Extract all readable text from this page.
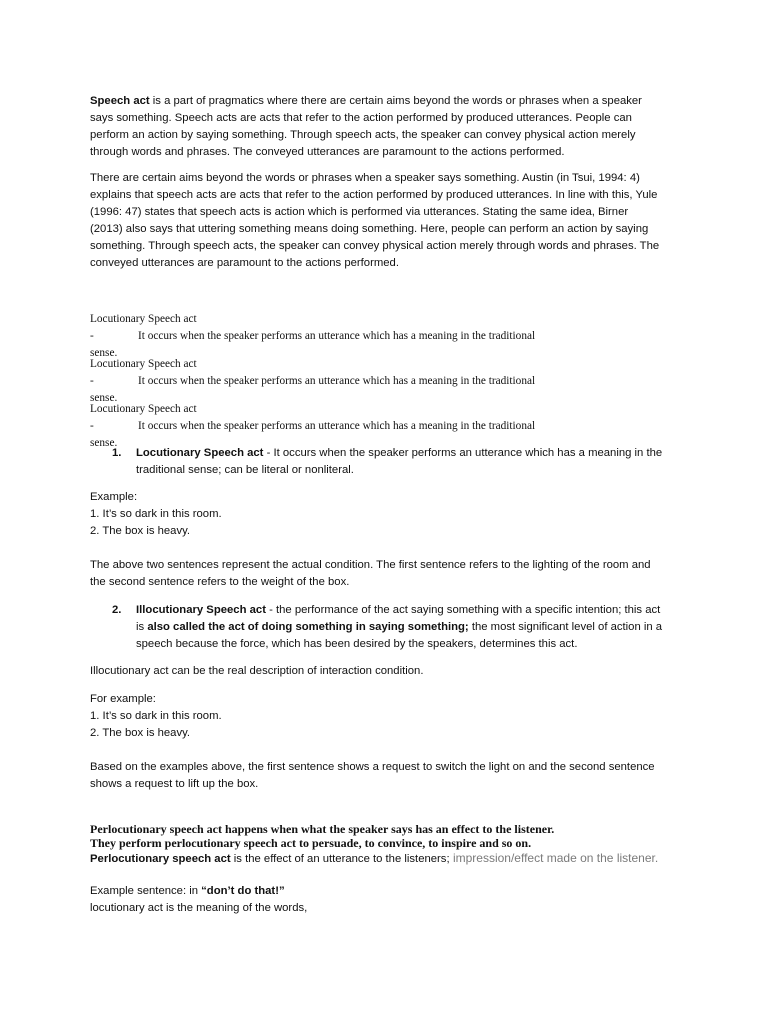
Speech act is a part of pragmatics where there are certain aims beyond the words or phrases when a speaker says something. Speech acts are acts that refer to the action performed by produced utterances. People can perform an action by saying something. Through speech acts, the speaker can convey physical action merely through words and phrases. The conveyed utterances are paramount to the actions performed.

There are certain aims beyond the words or phrases when a speaker says something. Austin (in Tsui, 1994: 4) explains that speech acts are acts that refer to the action performed by produced utterances. In line with this, Yule (1996: 47) states that speech acts is action which is performed via utterances. Stating the same idea, Birner (2013) also says that uttering something means doing something. Here, people can perform an action by saying something. Through speech acts, the speaker can convey physical action merely through words and phrases. The conveyed utterances are paramount to the actions performed.

Locutionary Speech act
-	It occurs when the speaker performs an utterance which has a meaning in the traditional
sense.
Locutionary Speech act
-	It occurs when the speaker performs an utterance which has a meaning in the traditional
sense.
Locutionary Speech act
-	It occurs when the speaker performs an utterance which has a meaning in the traditional
sense.
1.	Locutionary Speech act - It occurs when the speaker performs an utterance which has a meaning in the traditional sense; can be literal or nonliteral.

Example:
1. It’s so dark in this room.
2. The box is heavy.

The above two sentences represent the actual condition. The first sentence refers to the lighting of the room and the second sentence refers to the weight of the box.

2.	Illocutionary Speech act - the performance of the act saying something with a specific intention; this act is also called the act of doing something in saying something; the most significant level of action in a speech because the force, which has been desired by the speakers, determines this act.

Illocutionary act can be the real description of interaction condition.

For example:
1. It’s so dark in this room.
2. The box is heavy.

Based on the examples above, the first sentence shows a request to switch the light on and the second sentence shows a request to lift up the box.

Perlocutionary speech act happens when what the speaker says has an effect to the listener.
They perform perlocutionary speech act to persuade, to convince, to inspire and so on.
Perlocutionary speech act is the effect of an utterance to the listeners; impression/effect made on the listener.
Example sentence: in “don’t do that!”
locutionary act is the meaning of the words,
